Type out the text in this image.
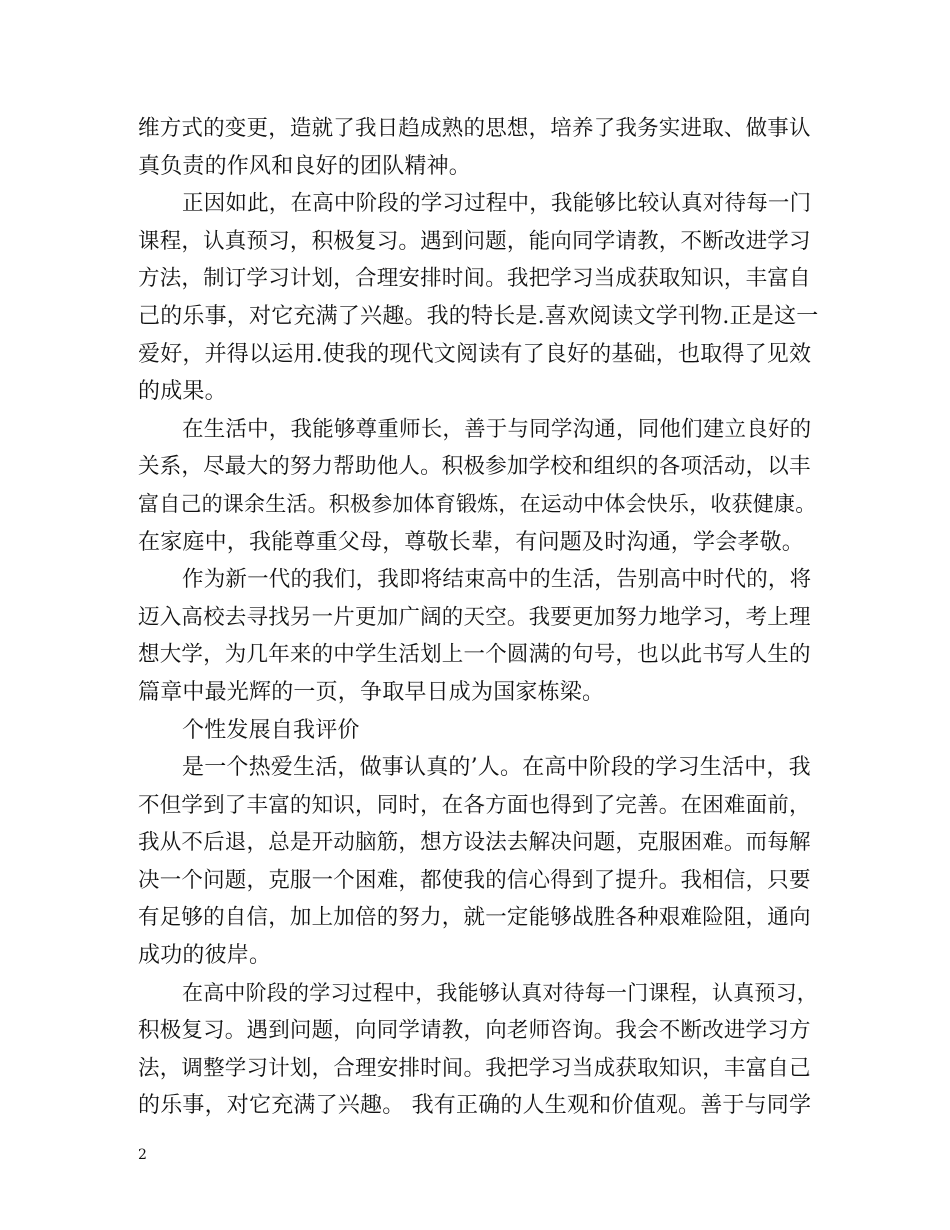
维方式的变更，造就了我日趋成熟的思想，培养了我务实进取、做事认
真负责的作风和良好的团队精神。
正因如此，在高中阶段的学习过程中，我能够比较认真对待每一门
课程，认真预习，积极复习。遇到问题，能向同学请教，不断改进学习
方法，制订学习计划，合理安排时间。我把学习当成获取知识，丰富自
己的乐事，对它充满了兴趣。我的特长是.喜欢阅读文学刊物.正是这一
爱好，并得以运用.使我的现代文阅读有了良好的基础，也取得了见效
的成果。
在生活中，我能够尊重师长，善于与同学沟通，同他们建立良好的
关系，尽最大的努力帮助他人。积极参加学校和组织的各项活动，以丰
富自己的课余生活。积极参加体育锻炼，在运动中体会快乐，收获健康。
在家庭中，我能尊重父母，尊敬长辈，有问题及时沟通，学会孝敬。
作为新一代的我们，我即将结束高中的生活，告别高中时代的，将
迈入高校去寻找另一片更加广阔的天空。我要更加努力地学习，考上理
想大学，为几年来的中学生活划上一个圆满的句号，也以此书写人生的
篇章中最光辉的一页，争取早日成为国家栋梁。
个性发展自我评价
是一个热爱生活，做事认真的’人。在高中阶段的学习生活中，我
不但学到了丰富的知识，同时，在各方面也得到了完善。在困难面前，
我从不后退，总是开动脑筋，想方设法去解决问题，克服困难。而每解
决一个问题，克服一个困难，都使我的信心得到了提升。我相信，只要
有足够的自信，加上加倍的努力，就一定能够战胜各种艰难险阻，通向
成功的彼岸。
在高中阶段的学习过程中，我能够认真对待每一门课程，认真预习，
积极复习。遇到问题，向同学请教，向老师咨询。我会不断改进学习方
法，调整学习计划，合理安排时间。我把学习当成获取知识，丰富自己
的乐事，对它充满了兴趣。 我有正确的人生观和价值观。善于与同学
2
